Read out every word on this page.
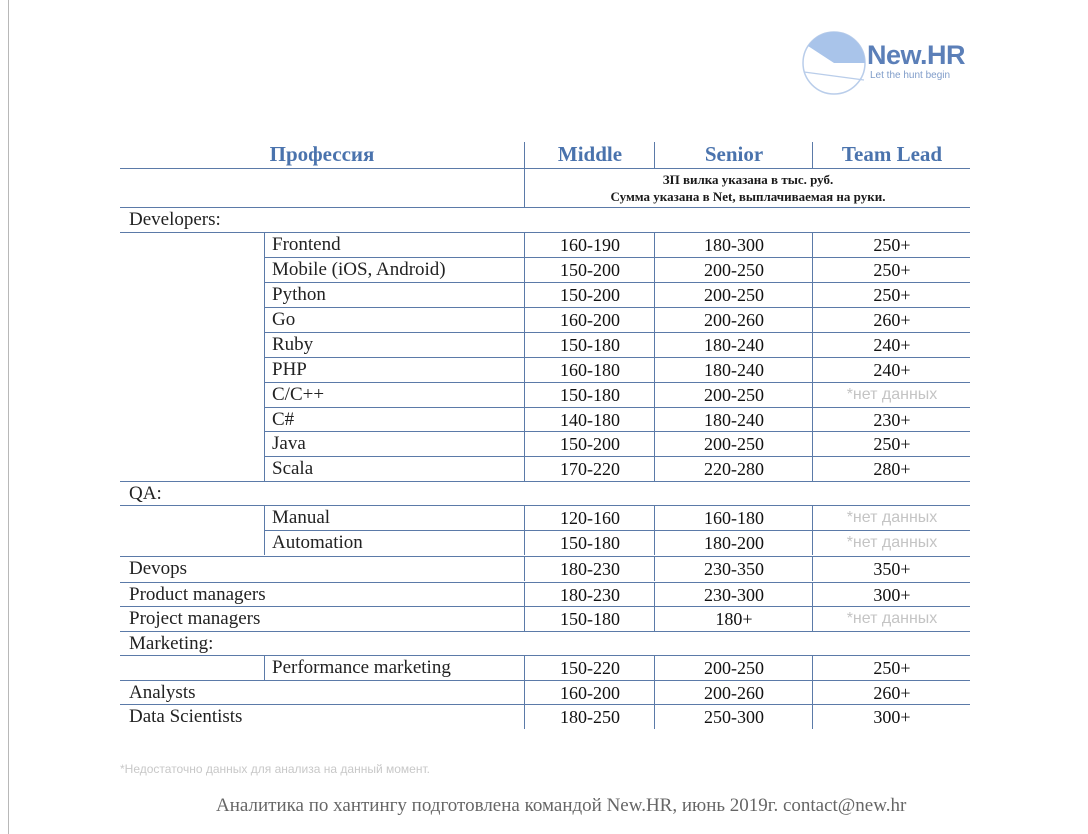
New.HR
Let the hunt begin
Профессия	Middle	Senior	Team Lead
ЗП вилка указана в тыс. руб.
Сумма указана в Net, выплачиваемая на руки.
Developers:
Frontend	160-190	180-300	250+
Mobile (iOS, Android)	150-200	200-250	250+
Python	150-200	200-250	250+
Go	160-200	200-260	260+
Ruby	150-180	180-240	240+
PHP	160-180	180-240	240+
C/C++	150-180	200-250	*нет данных
C#	140-180	180-240	230+
Java	150-200	200-250	250+
Scala	170-220	220-280	280+
QA:
Manual	120-160	160-180	*нет данных
Automation	150-180	180-200	*нет данных
Devops	180-230	230-350	350+
Product managers	180-230	230-300	300+
Project managers	150-180	180+	*нет данных
Marketing:
Performance marketing	150-220	200-250	250+
Analysts	160-200	200-260	260+
Data Scientists	180-250	250-300	300+
*Недостаточно данных для анализа на данный момент.
Аналитика по хантингу подготовлена командой New.HR, июнь 2019г. contact@new.hr
